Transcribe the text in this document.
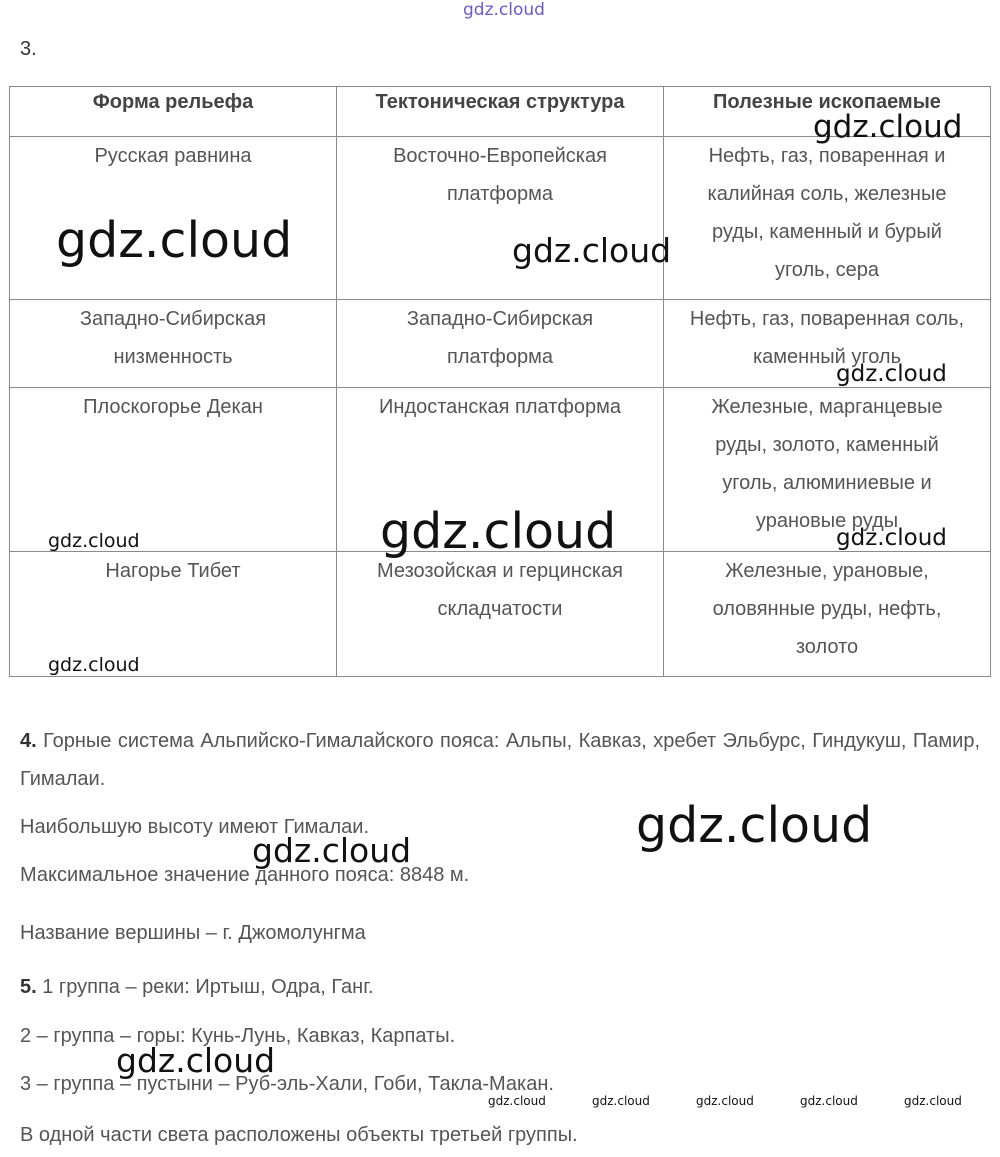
gdz.cloud
3.
Форма рельефа	Тектоническая структура	Полезные ископаемые
Русская равнина	Восточно-Европейская платформа	Нефть, газ, поваренная и калийная соль, железные руды, каменный и бурый уголь, сера
Западно-Сибирская низменность	Западно-Сибирская платформа	Нефть, газ, поваренная соль, каменный уголь
Плоскогорье Декан	Индостанская платформа	Железные, марганцевые руды, золото, каменный уголь, алюминиевые и урановые руды
Нагорье Тибет	Мезозойская и герцинская складчатости	Железные, урановые, оловянные руды, нефть, золото
4. Горные система Альпийско-Гималайского пояса: Альпы, Кавказ, хребет Эльбурс, Гиндукуш, Памир, Гималаи.
Наибольшую высоту имеют Гималаи.
Максимальное значение данного пояса: 8848 м.
Название вершины – г. Джомолунгма
5. 1 группа – реки: Иртыш, Одра, Ганг.
2 – группа – горы: Кунь-Лунь, Кавказ, Карпаты.
3 – группа – пустыни – Руб-эль-Хали, Гоби, Такла-Макан.
В одной части света расположены объекты третьей группы.
gdz.cloud
gdz.cloud	gdz.cloud
gdz.cloud
gdz.cloud
gdz.cloud	gdz.cloud
gdz.cloud
gdz.cloud
gdz.cloud
gdz.cloud
gdz.cloud	gdz.cloud	gdz.cloud	gdz.cloud	gdz.cloud
